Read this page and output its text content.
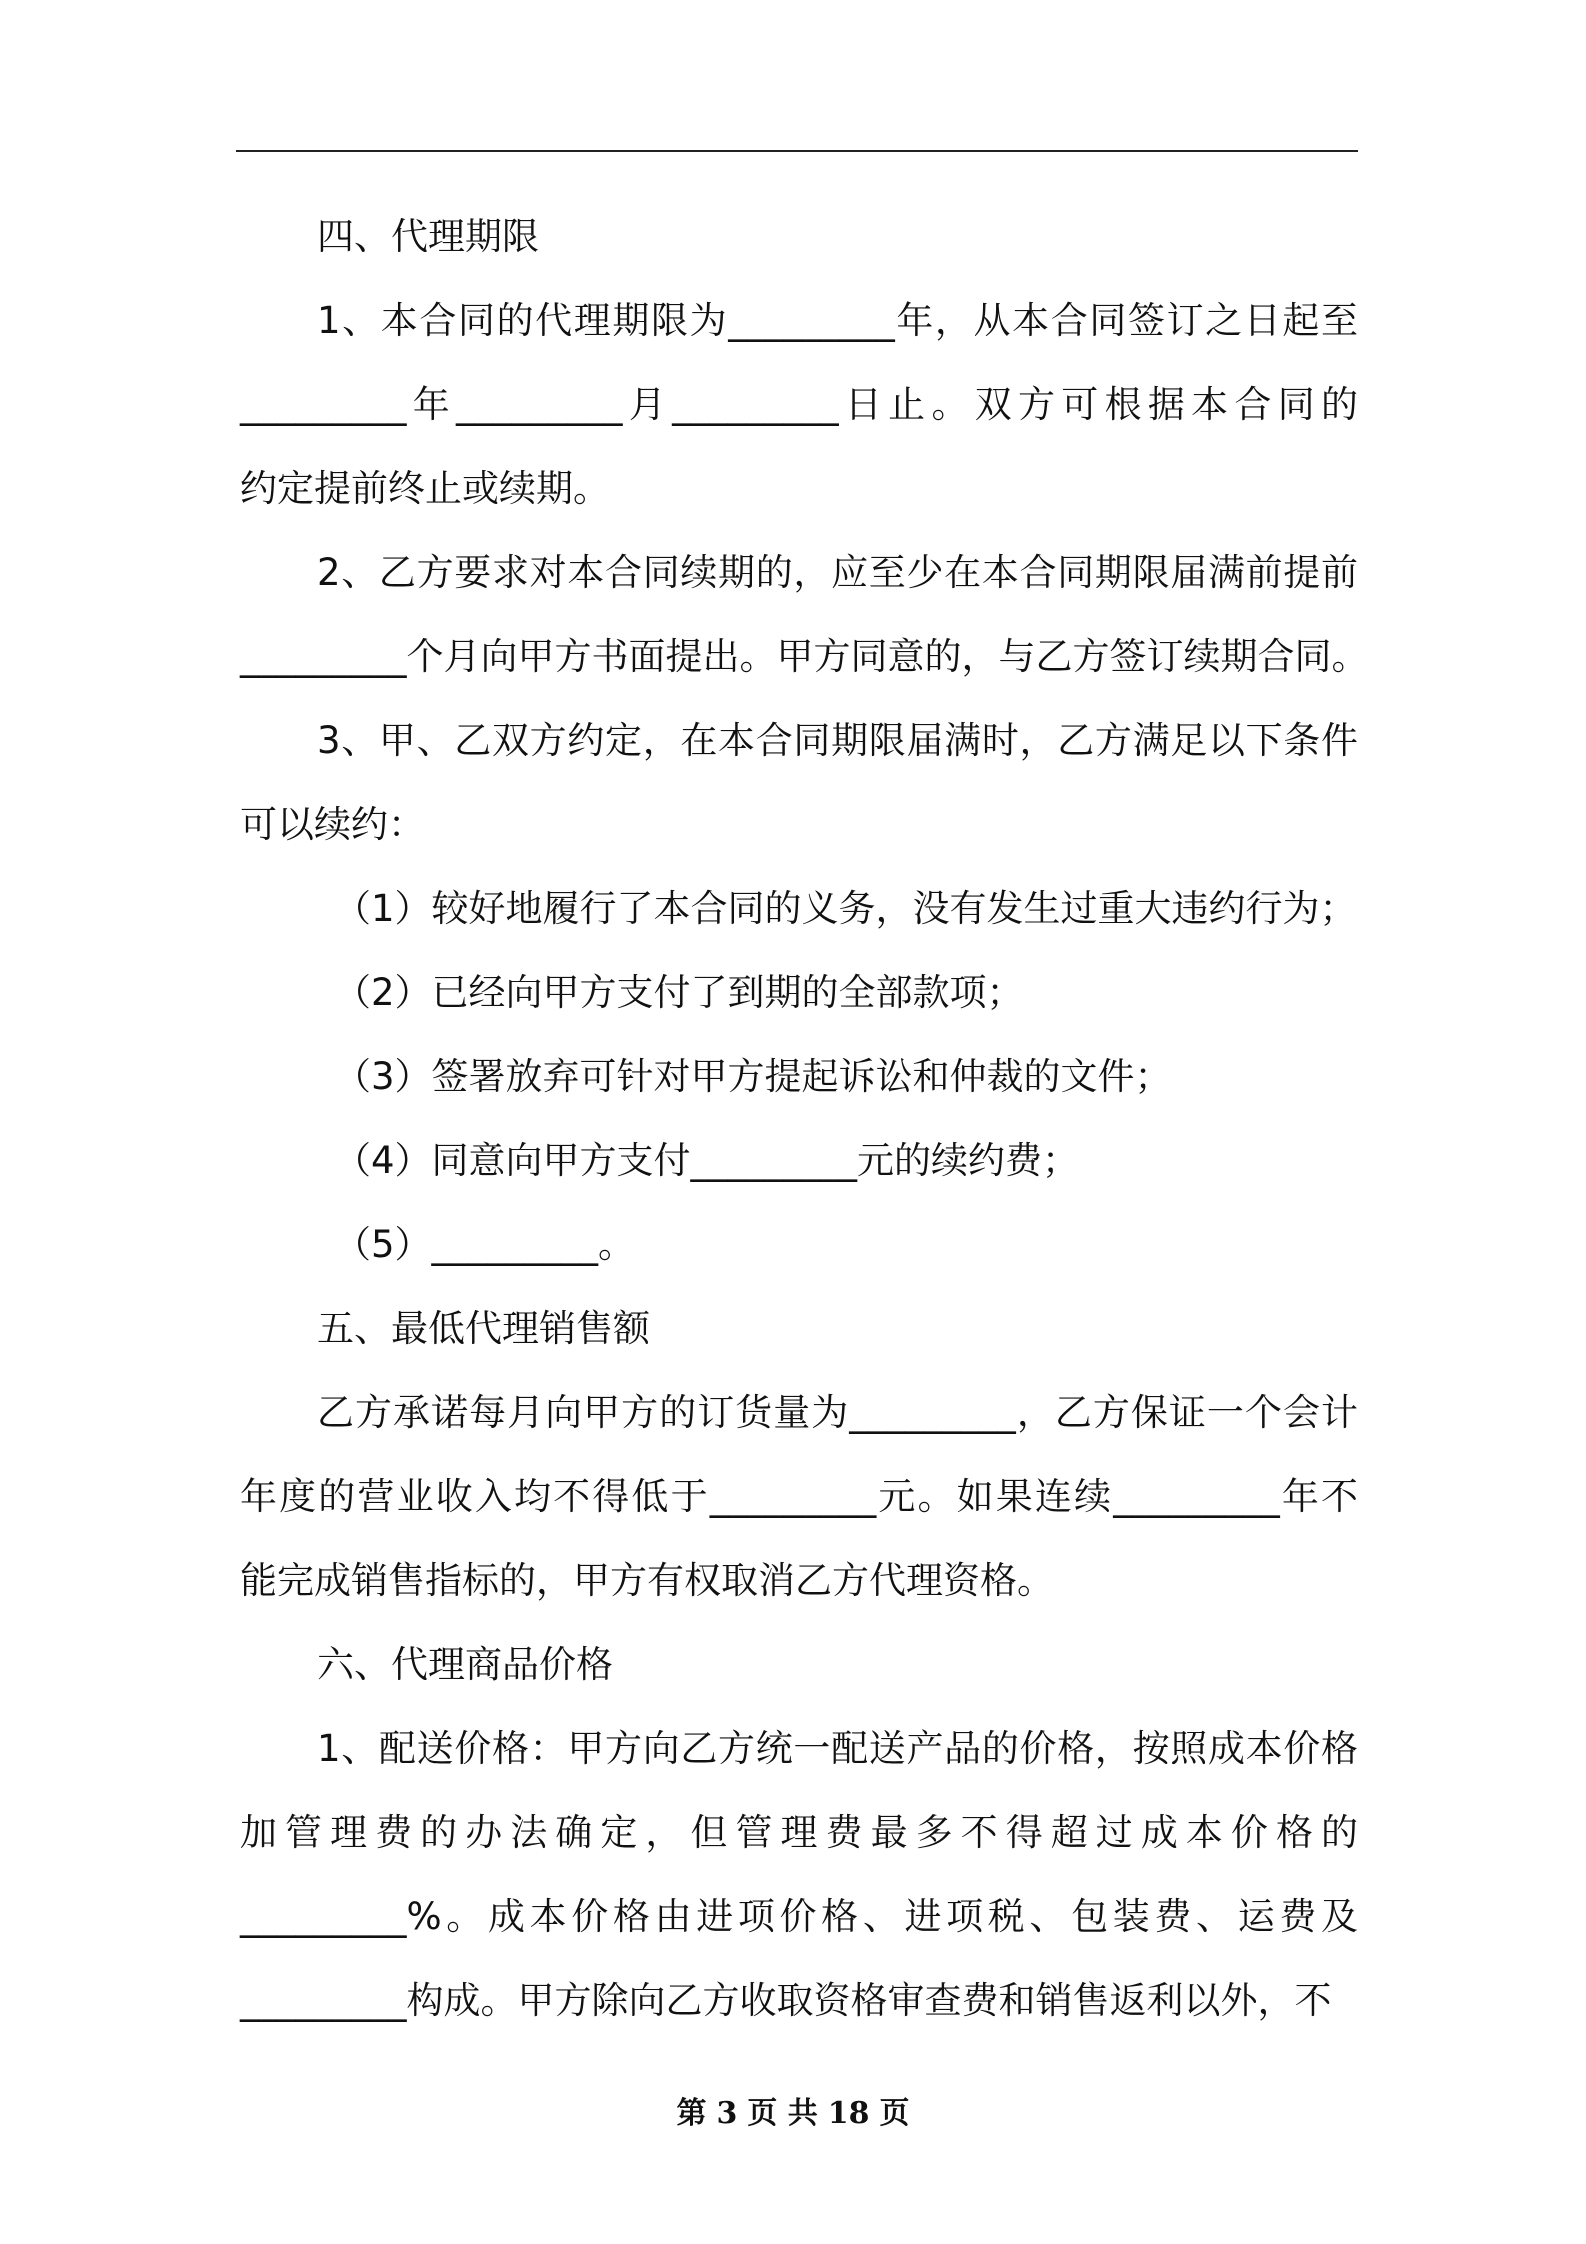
四、代理期限
1、本合同的代理期限为_________年，从本合同签订之日起至
_________年_________月_________日止。双方可根据本合同的
约定提前终止或续期。
2、乙方要求对本合同续期的，应至少在本合同期限届满前提前
_________个月向甲方书面提出。甲方同意的，与乙方签订续期合同。
3、甲、乙双方约定，在本合同期限届满时，乙方满足以下条件
可以续约：
（1）较好地履行了本合同的义务，没有发生过重大违约行为；
（2）已经向甲方支付了到期的全部款项；
（3）签署放弃可针对甲方提起诉讼和仲裁的文件；
（4）同意向甲方支付_________元的续约费；
（5）_________。
五、最低代理销售额
乙方承诺每月向甲方的订货量为_________，乙方保证一个会计
年度的营业收入均不得低于_________元。如果连续_________年不
能完成销售指标的，甲方有权取消乙方代理资格。
六、代理商品价格
1、配送价格：甲方向乙方统一配送产品的价格，按照成本价格
加管理费的办法确定，但管理费最多不得超过成本价格的
_________%。成本价格由进项价格、进项税、包装费、运费及
_________构成。甲方除向乙方收取资格审查费和销售返利以外，不
第 3 页 共 18 页
